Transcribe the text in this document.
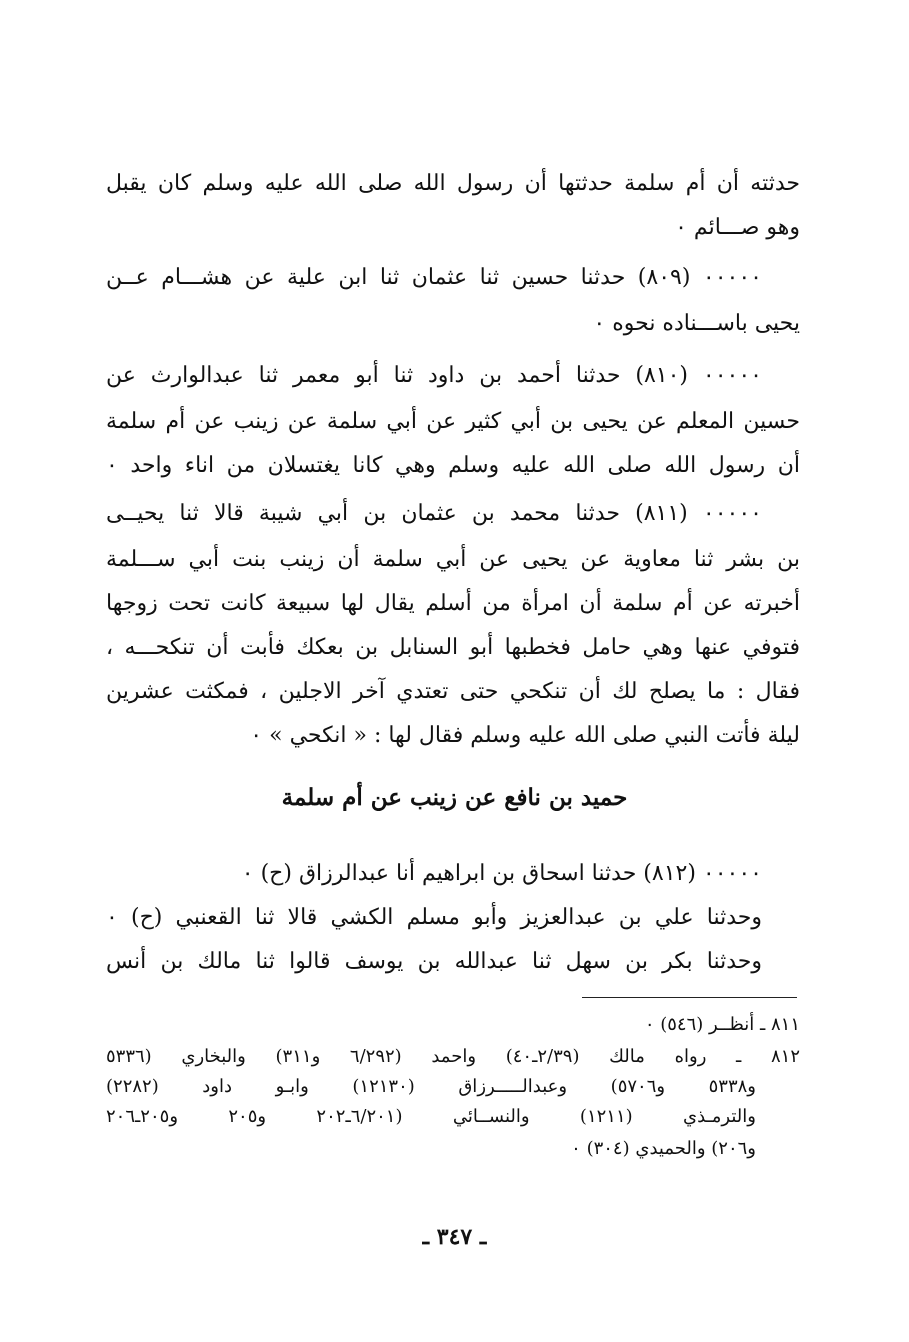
حدثته أن أم سلمة حدثتها أن رسول الله صلى الله عليه وسلم كان يقبل
وهو صـــائم ٠
٠٠٠٠٠ (٨٠٩) حدثنا حسين ثنا عثمان ثنا ابن علية عن هشـــام عــن
يحيى باســـناده نحوه ٠
٠٠٠٠٠ (٨١٠) حدثنا أحمد بن داود ثنا أبو معمر ثنا عبدالوارث عن
حسين المعلم عن يحيى بن أبي كثير عن أبي سلمة عن زينب عن أم سلمة
أن رسول الله صلى الله عليه وسلم وهي كانا يغتسلان من اناء واحد ٠
٠٠٠٠٠ (٨١١) حدثنا محمد بن عثمان بن أبي شيبة قالا ثنا يحيــى
بن بشر ثنا معاوية عن يحيى عن أبي سلمة أن زينب بنت أبي ســـلمة
أخبرته عن أم سلمة أن امرأة من أسلم يقال لها سبيعة كانت تحت زوجها
فتوفي عنها وهي حامل فخطبها أبو السنابل بن بعكك فأبت أن تنكحـــه ،
فقال : ما يصلح لك أن تنكحي حتى تعتدي آخر الاجلين ، فمكثت عشرين
ليلة فأتت النبي صلى الله عليه وسلم فقال لها : « انكحي » ٠
حميد بن نافع عن زينب عن أم سلمة
٠٠٠٠٠ (٨١٢) حدثنا اسحاق بن ابراهيم أنا عبدالرزاق (ح) ٠
وحدثنا علي بن عبدالعزيز وأبو مسلم الكشي قالا ثنا القعنبي (ح) ٠
وحدثنا بكر بن سهل ثنا عبدالله بن يوسف قالوا ثنا مالك بن أنس
٨١١ ـ أنظــر (٥٤٦) ٠
٨١٢ ـ رواه مالك (٢/٣٩ـ٤٠) واحمد (٦/٢٩٢ و٣١١) والبخاري (٥٣٣٦
و٥٣٣٨ و٥٧٠٦) وعبدالـــــرزاق (١٢١٣٠) وابـو داود (٢٢٨٢)
والترمـذي (١٢١١) والنســائي (٦/٢٠١ـ٢٠٢ و٢٠٥ و٢٠٥ـ٢٠٦
و٢٠٦) والحميدي (٣٠٤) ٠
ـ ٣٤٧ ـ
